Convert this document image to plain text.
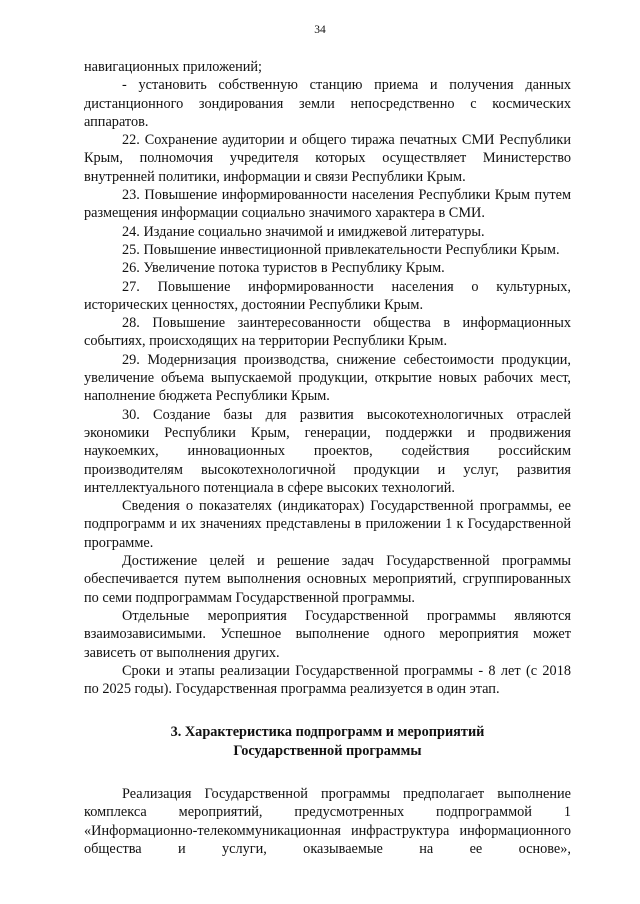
34

навигационных приложений;

- установить собственную станцию приема и получения данных дистанционного зондирования земли непосредственно с космических аппаратов.

22. Сохранение аудитории и общего тиража печатных СМИ Республики Крым, полномочия учредителя которых осуществляет Министерство внутренней политики, информации и связи Республики Крым.

23. Повышение информированности населения Республики Крым путем размещения информации социально значимого характера в СМИ.

24. Издание социально значимой и имиджевой литературы.

25. Повышение инвестиционной привлекательности Республики Крым.

26. Увеличение потока туристов в Республику Крым.

27. Повышение информированности населения о культурных, исторических ценностях, достоянии Республики Крым.

28. Повышение заинтересованности общества в информационных событиях, происходящих на территории Республики Крым.

29. Модернизация производства, снижение себестоимости продукции, увеличение объема выпускаемой продукции, открытие новых рабочих мест, наполнение бюджета Республики Крым.

30. Создание базы для развития высокотехнологичных отраслей экономики Республики Крым, генерации, поддержки и продвижения наукоемких, инновационных проектов, содействия российским производителям высокотехнологичной продукции и услуг, развития интеллектуального потенциала в сфере высоких технологий.

Сведения о показателях (индикаторах) Государственной программы, ее подпрограмм и их значениях представлены в приложении 1 к Государственной программе.

Достижение целей и решение задач Государственной программы обеспечивается путем выполнения основных мероприятий, сгруппированных по семи подпрограммам Государственной программы.

Отдельные мероприятия Государственной программы являются взаимозависимыми. Успешное выполнение одного мероприятия может зависеть от выполнения других.

Сроки и этапы реализации Государственной программы - 8 лет (с 2018 по 2025 годы). Государственная программа реализуется в один этап.

3. Характеристика подпрограмм и мероприятий
Государственной программы

Реализация Государственной программы предполагает выполнение комплекса мероприятий, предусмотренных подпрограммой 1 «Информационно-телекоммуникационная инфраструктура информационного общества и услуги, оказываемые на ее основе»,
